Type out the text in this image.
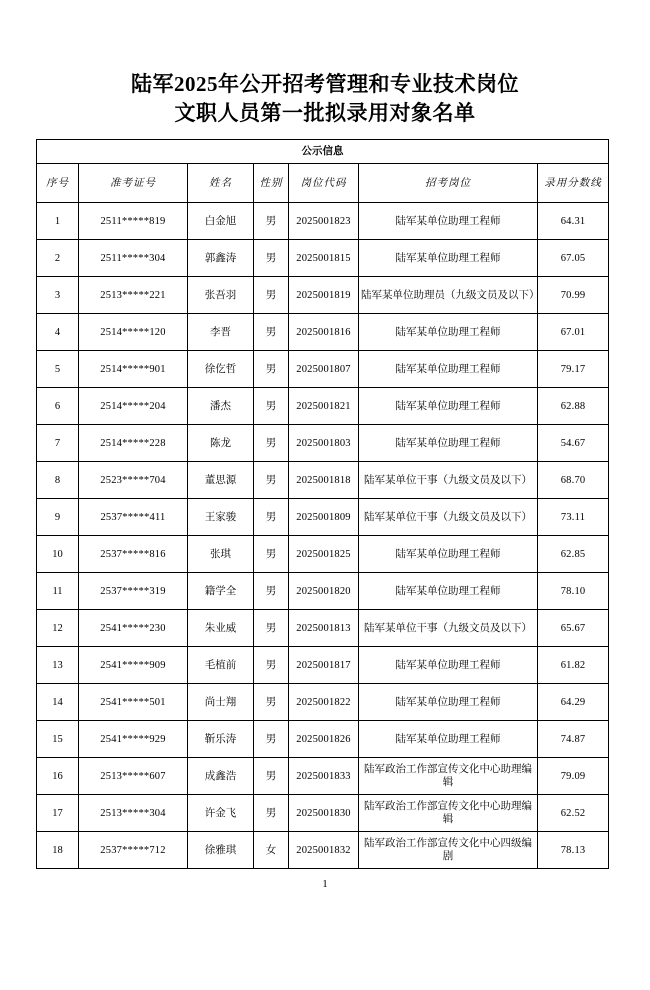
陆军2025年公开招考管理和专业技术岗位
文职人员第一批拟录用对象名单
公示信息						
序号	准考证号	姓名	性别	岗位代码	招考岗位	录用分数线
1	2511*****819	白金旭	男	2025001823	陆军某单位助理工程师	64.31
2	2511*****304	郭鑫涛	男	2025001815	陆军某单位助理工程师	67.05
3	2513*****221	张吾羽	男	2025001819	陆军某单位助理员（九级文员及以下）	70.99
4	2514*****120	李晋	男	2025001816	陆军某单位助理工程师	67.01
5	2514*****901	徐仡哲	男	2025001807	陆军某单位助理工程师	79.17
6	2514*****204	潘杰	男	2025001821	陆军某单位助理工程师	62.88
7	2514*****228	陈龙	男	2025001803	陆军某单位助理工程师	54.67
8	2523*****704	董思源	男	2025001818	陆军某单位干事（九级文员及以下）	68.70
9	2537*****411	王家骏	男	2025001809	陆军某单位干事（九级文员及以下）	73.11
10	2537*****816	张琪	男	2025001825	陆军某单位助理工程师	62.85
11	2537*****319	籍学全	男	2025001820	陆军某单位助理工程师	78.10
12	2541*****230	朱业威	男	2025001813	陆军某单位干事（九级文员及以下）	65.67
13	2541*****909	毛植前	男	2025001817	陆军某单位助理工程师	61.82
14	2541*****501	尚士翔	男	2025001822	陆军某单位助理工程师	64.29
15	2541*****929	靳乐涛	男	2025001826	陆军某单位助理工程师	74.87
16	2513*****607	成鑫浩	男	2025001833	陆军政治工作部宣传文化中心助理编辑	79.09
17	2513*****304	许金飞	男	2025001830	陆军政治工作部宣传文化中心助理编辑	62.52
18	2537*****712	徐雅琪	女	2025001832	陆军政治工作部宣传文化中心四级编剧	78.13
1
